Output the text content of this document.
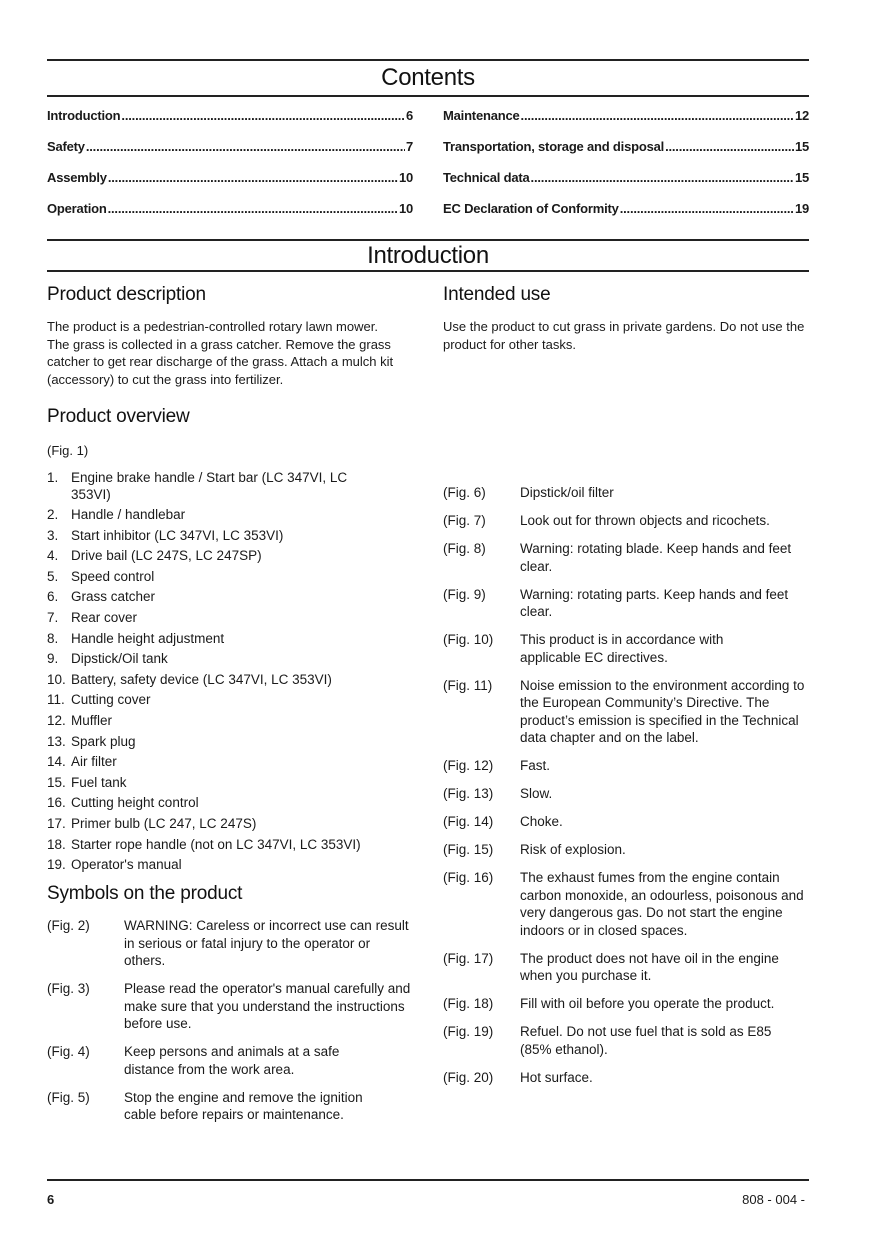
Contents
Introduction .....	6
Safety .....	7
Assembly .....	10
Operation .....	10
Maintenance .....	12
Transportation, storage and disposal .....	15
Technical data .....	15
EC Declaration of Conformity .....	19
Introduction
Product description

The product is a pedestrian-controlled rotary lawn mower. The grass is collected in a grass catcher. Remove the grass catcher to get rear discharge of the grass. Attach a mulch kit (accessory) to cut the grass into fertilizer.

Product overview

(Fig. 1)

1. Engine brake handle / Start bar (LC 347VI, LC 353VI)
2. Handle / handlebar
3. Start inhibitor (LC 347VI, LC 353VI)
4. Drive bail (LC 247S, LC 247SP)
5. Speed control
6. Grass catcher
7. Rear cover
8. Handle height adjustment
9. Dipstick/Oil tank
10. Battery, safety device (LC 347VI, LC 353VI)
11. Cutting cover
12. Muffler
13. Spark plug
14. Air filter
15. Fuel tank
16. Cutting height control
17. Primer bulb (LC 247, LC 247S)
18. Starter rope handle (not on LC 347VI, LC 353VI)
19. Operator's manual
Symbols on the product
(Fig. 2)	WARNING: Careless or incorrect use can result in serious or fatal injury to the operator or others.
(Fig. 3)	Please read the operator's manual carefully and make sure that you understand the instructions before use.
(Fig. 4)	Keep persons and animals at a safe distance from the work area.
(Fig. 5)	Stop the engine and remove the ignition cable before repairs or maintenance.
Intended use

Use the product to cut grass in private gardens. Do not use the product for other tasks.

(Fig. 6)	Dipstick/oil filter
(Fig. 7)	Look out for thrown objects and ricochets.
(Fig. 8)	Warning: rotating blade. Keep hands and feet clear.
(Fig. 9)	Warning: rotating parts. Keep hands and feet clear.
(Fig. 10)	This product is in accordance with applicable EC directives.
(Fig. 11)	Noise emission to the environment according to the European Community’s Directive. The product’s emission is specified in the Technical data chapter and on the label.
(Fig. 12)	Fast.
(Fig. 13)	Slow.
(Fig. 14)	Choke.
(Fig. 15)	Risk of explosion.
(Fig. 16)	The exhaust fumes from the engine contain carbon monoxide, an odourless, poisonous and very dangerous gas. Do not start the engine indoors or in closed spaces.
(Fig. 17)	The product does not have oil in the engine when you purchase it.
(Fig. 18)	Fill with oil before you operate the product.
(Fig. 19)	Refuel. Do not use fuel that is sold as E85 (85% ethanol).
(Fig. 20)	Hot surface.
6	808 - 004 -
